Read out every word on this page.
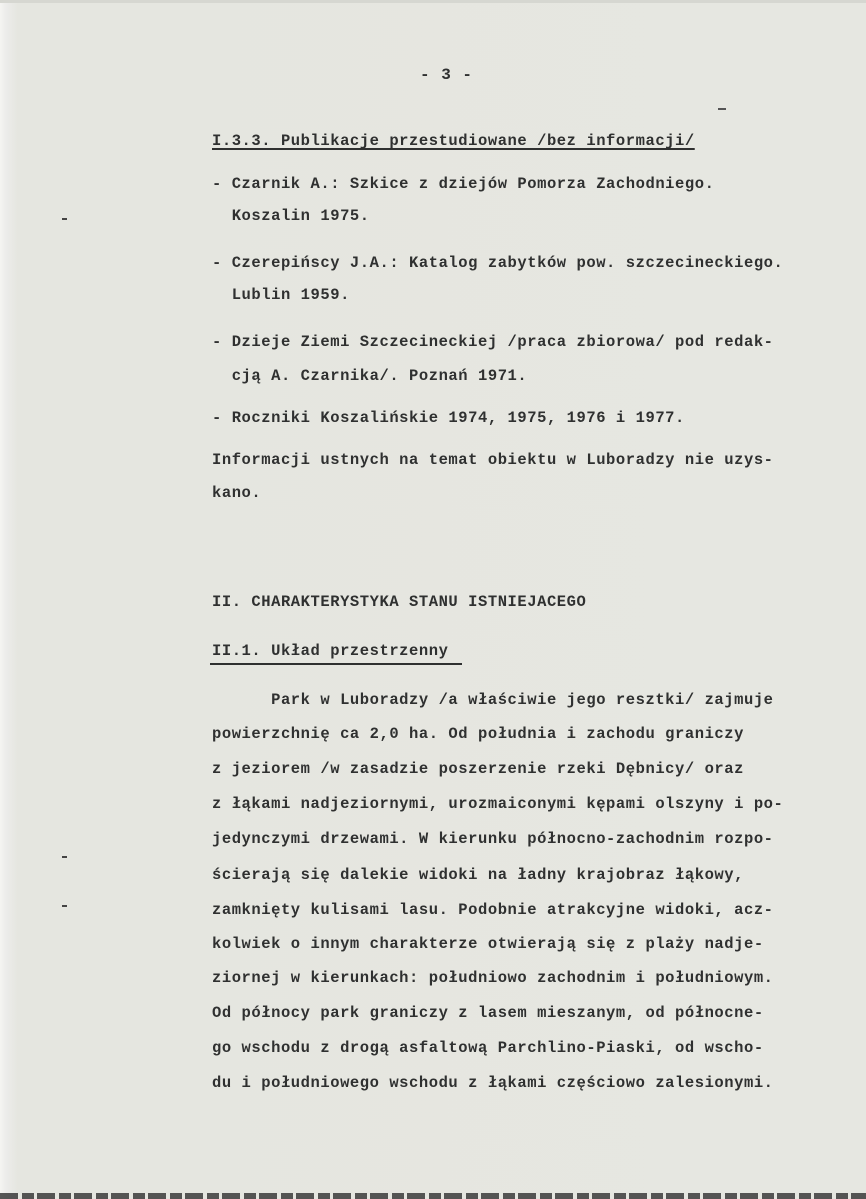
- 3 -
I.3.3. Publikacje przestudiowane /bez informacji/
- Czarnik A.: Szkice z dziejów Pomorza Zachodniego.
Koszalin 1975.
- Czerepińscy J.A.: Katalog zabytków pow. szczecineckiego.
Lublin 1959.
- Dzieje Ziemi Szczecineckiej /praca zbiorowa/ pod redak-
cją A. Czarnika/. Poznań 1971.
- Roczniki Koszalińskie 1974, 1975, 1976 i 1977.
Informacji ustnych na temat obiektu w Luboradzy nie uzys-
kano.
II. CHARAKTERYSTYKA STANU ISTNIEJACEGO
II.1. Układ przestrzenny
Park w Luboradzy /a właściwie jego resztki/ zajmuje
powierzchnię ca 2,0 ha. Od południa i zachodu graniczy
z jeziorem /w zasadzie poszerzenie rzeki Dębnicy/ oraz
z łąkami nadjeziornymi, urozmaiconymi kępami olszyny i po-
jedynczymi drzewami. W kierunku północno-zachodnim rozpo-
ścierają się dalekie widoki na ładny krajobraz łąkowy,
zamknięty kulisami lasu. Podobnie atrakcyjne widoki, acz-
kolwiek o innym charakterze otwierają się z plaży nadje-
ziornej w kierunkach: południowo zachodnim i południowym.
Od północy park graniczy z lasem mieszanym, od północne-
go wschodu z drogą asfaltową Parchlino-Piaski, od wscho-
du i południowego wschodu z łąkami częściowo zalesionymi.
